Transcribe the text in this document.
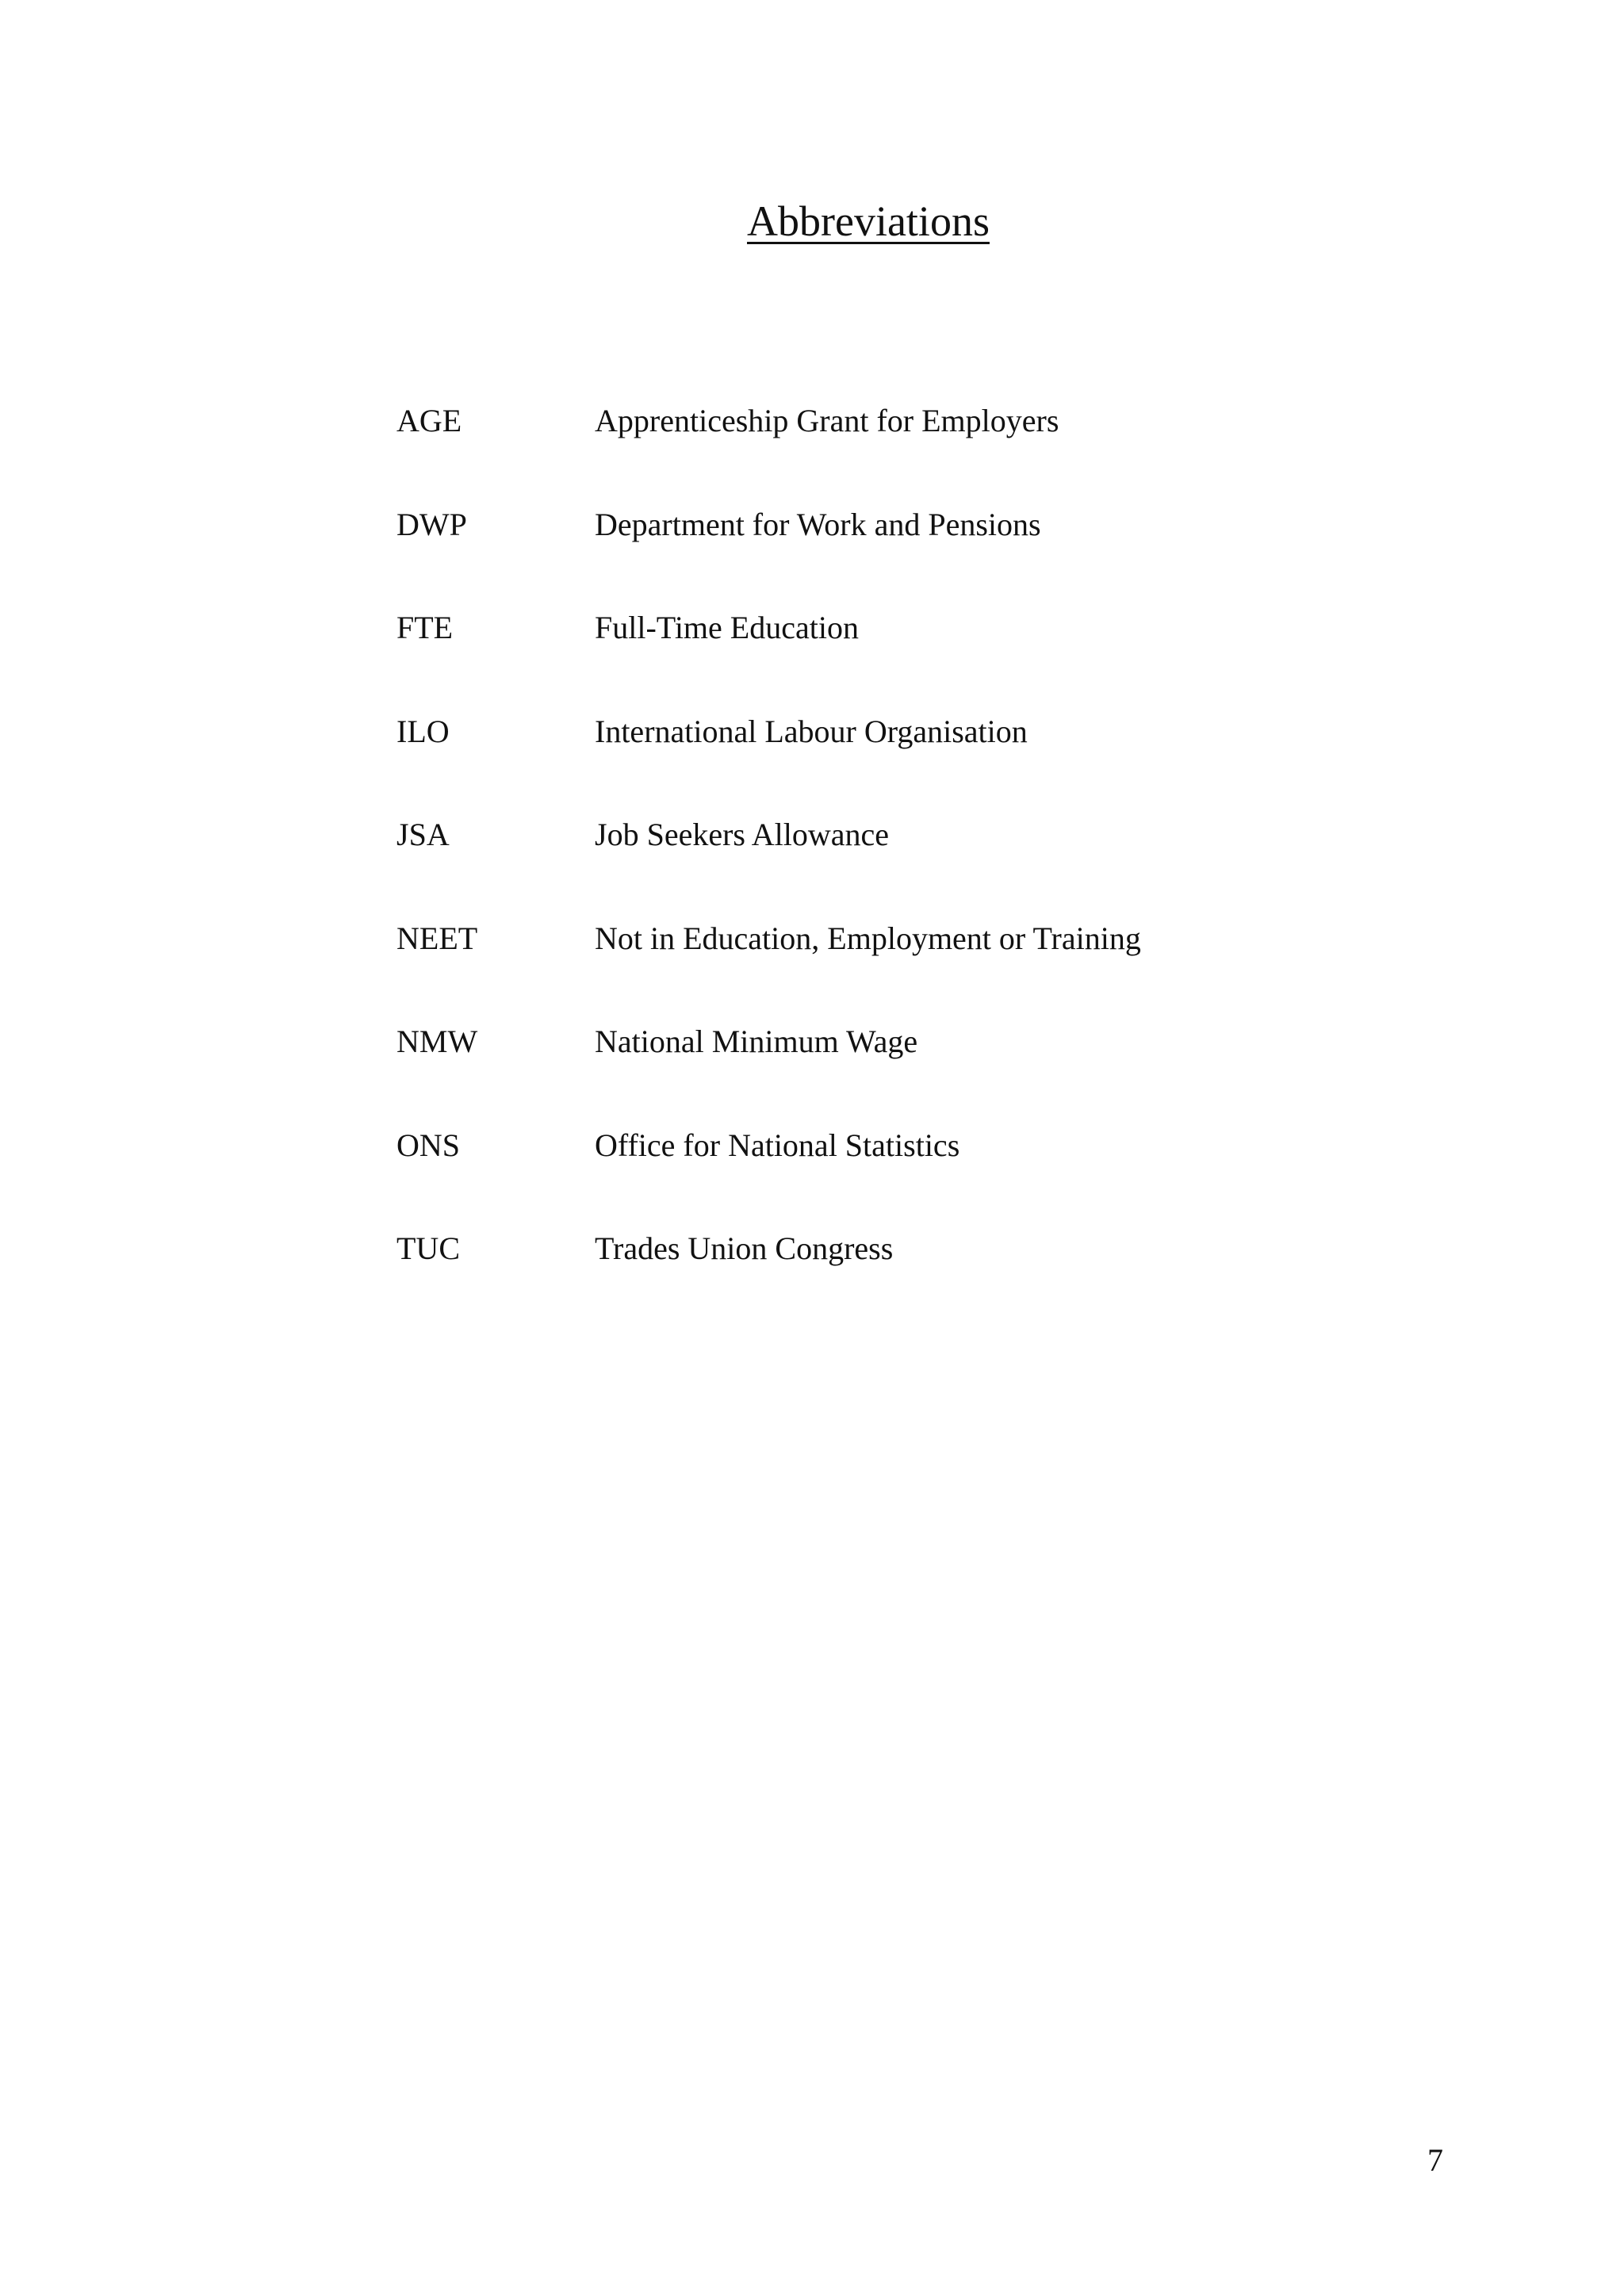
Abbreviations
AGE	Apprenticeship Grant for Employers
DWP	Department for Work and Pensions
FTE	Full-Time Education
ILO	International Labour Organisation
JSA	Job Seekers Allowance
NEET	Not in Education, Employment or Training
NMW	National Minimum Wage
ONS	Office for National Statistics
TUC	Trades Union Congress
7
